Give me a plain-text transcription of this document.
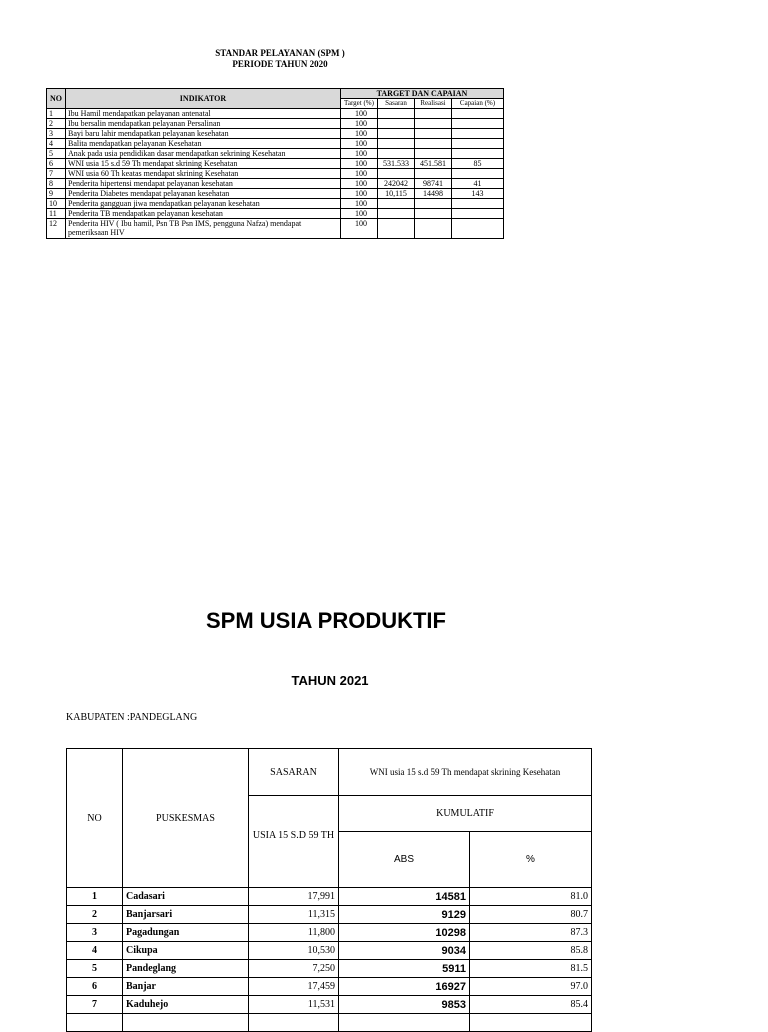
STANDAR PELAYANAN (SPM )
PERIODE TAHUN 2020
NO	INDIKATOR	TARGET DAN CAPAIAN			
		Target (%)	Sasaran	Realisasi	Capaian (%)
1	Ibu Hamil mendapatkan pelayanan antenatal	100			
2	Ibu bersalin mendapatkan pelayanan Persalinan	100			
3	Bayi baru lahir mendapatkan pelayanan kesehatan	100			
4	Balita mendapatkan pelayanan Kesehatan	100			
5	Anak pada usia pendidikan dasar mendapatkan sekrining Kesehatan	100			
6	WNI usia 15 s.d 59 Th mendapat skrining Kesehatan	100	531.533	451.581	85
7	WNI usia 60 Th keatas mendapat skrining Kesehatan	100			
8	Penderita hipertensi mendapat pelayanan kesehatan	100	242042	98741	41
9	Penderita Diabetes mendapat pelayanan kesehatan	100	10,115	14498	143
10	Penderita gangguan jiwa mendapatkan pelayanan kesehatan	100			
11	Penderita TB mendapatkan pelayanan kesehatan	100			
12	Penderita HIV ( Ibu hamil, Psn TB Psn IMS, pengguna Nafza) mendapat pemeriksaan HIV	100			
SPM USIA PRODUKTIF
TAHUN 2021
KABUPATEN :PANDEGLANG
NO	PUSKESMAS	SASARAN	WNI usia 15 s.d 59 Th mendapat skrining Kesehatan	
		USIA 15 S.D 59 TH	KUMULATIF	
			ABS	%
1	Cadasari	17,991	14581	81.0
2	Banjarsari	11,315	9129	80.7
3	Pagadungan	11,800	10298	87.3
4	Cikupa	10,530	9034	85.8
5	Pandeglang	7,250	5911	81.5
6	Banjar	17,459	16927	97.0
7	Kaduhejo	11,531	9853	85.4
